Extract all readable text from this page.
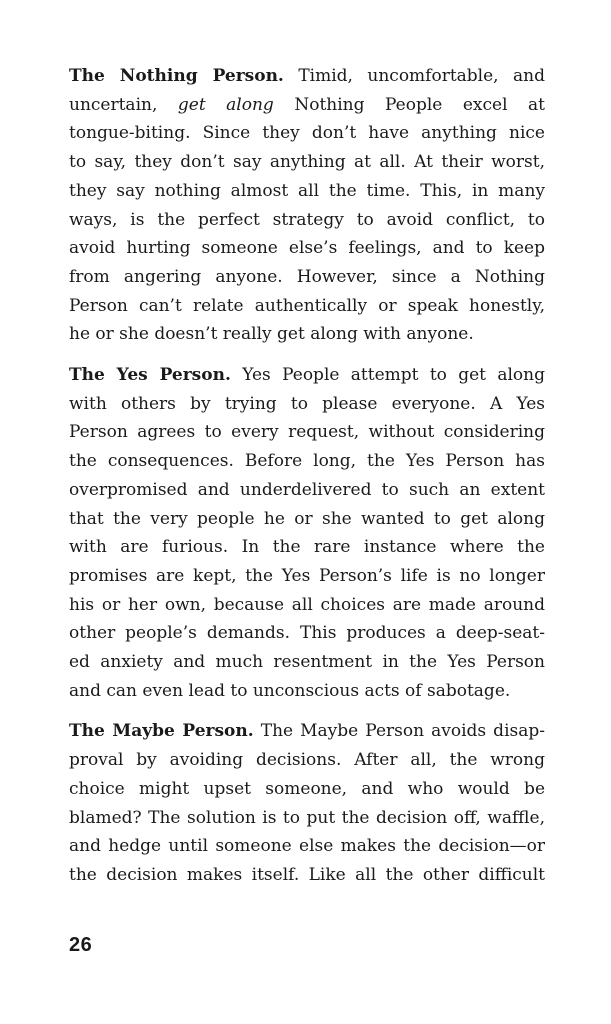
The Nothing Person. Timid, uncomfortable, and
uncertain, get along Nothing People excel at
tongue-biting. Since they don’t have anything nice
to say, they don’t say anything at all. At their worst,
they say nothing almost all the time. This, in many
ways, is the perfect strategy to avoid conflict, to
avoid hurting someone else’s feelings, and to keep
from angering anyone. However, since a Nothing
Person can’t relate authentically or speak honestly,
he or she doesn’t really get along with anyone.

The Yes Person. Yes People attempt to get along
with others by trying to please everyone. A Yes
Person agrees to every request, without considering
the consequences. Before long, the Yes Person has
overpromised and underdelivered to such an extent
that the very people he or she wanted to get along
with are furious. In the rare instance where the
promises are kept, the Yes Person’s life is no longer
his or her own, because all choices are made around
other people’s demands. This produces a deep-seat-
ed anxiety and much resentment in the Yes Person
and can even lead to unconscious acts of sabotage.

The Maybe Person. The Maybe Person avoids disap-
proval by avoiding decisions. After all, the wrong
choice might upset someone, and who would be
blamed? The solution is to put the decision off, waffle,
and hedge until someone else makes the decision—or
the decision makes itself. Like all the other difficult

26
